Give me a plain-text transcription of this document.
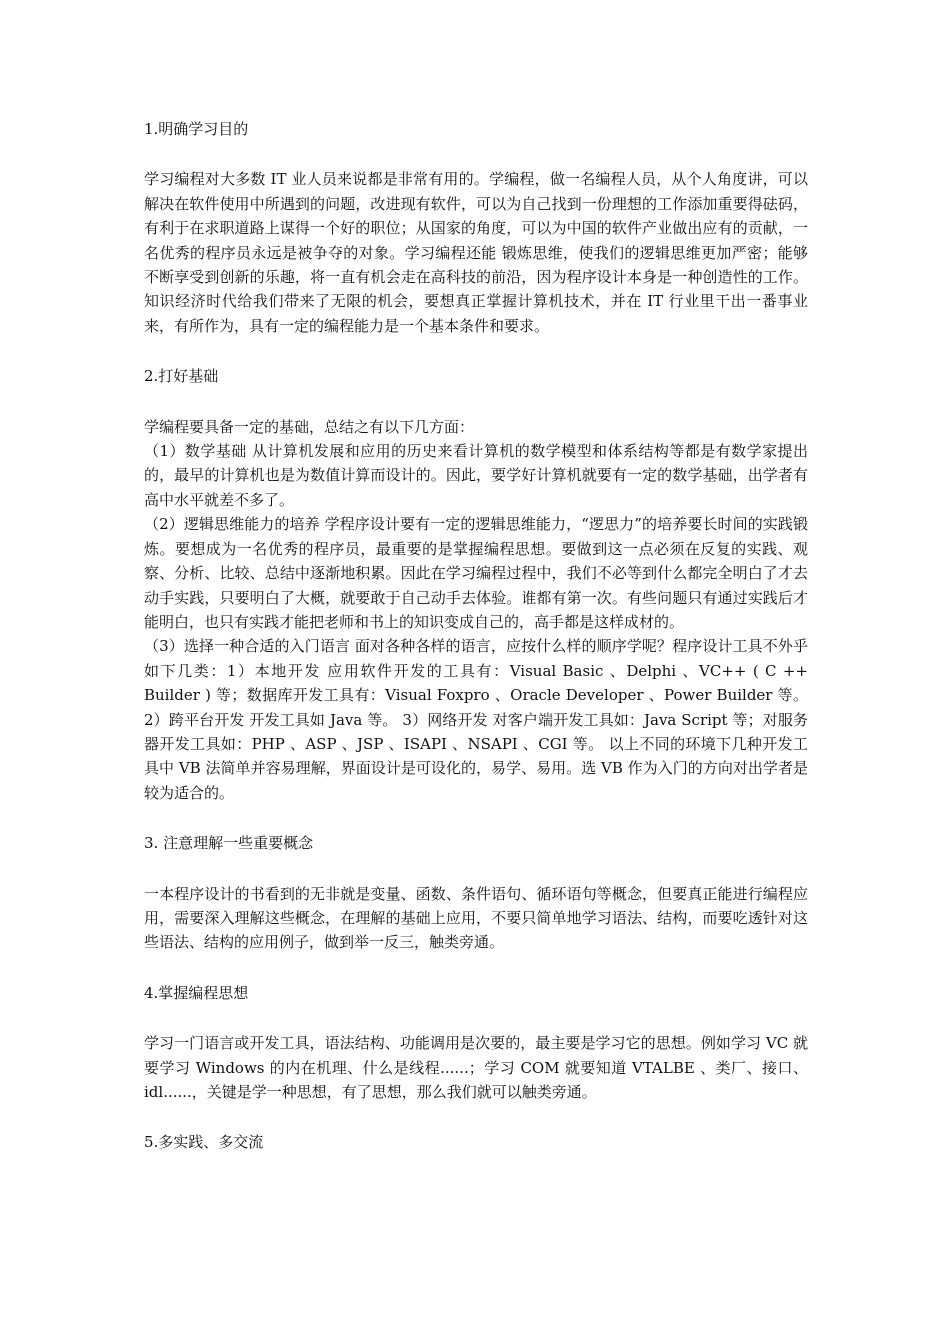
1.明确学习目的

学习编程对大多数 IT 业人员来说都是非常有用的。学编程，做一名编程人员，从个人角度讲，可以解决在软件使用中所遇到的问题，改进现有软件，可以为自己找到一份理想的工作添加重要得砝码，有利于在求职道路上谋得一个好的职位；从国家的角度，可以为中国的软件产业做出应有的贡献，一名优秀的程序员永远是被争夺的对象。学习编程还能 锻炼思维，使我们的逻辑思维更加严密；能够不断享受到创新的乐趣，将一直有机会走在高科技的前沿，因为程序设计本身是一种创造性的工作。知识经济时代给我们带来了无限的机会，要想真正掌握计算机技术，并在 IT 行业里干出一番事业来，有所作为，具有一定的编程能力是一个基本条件和要求。

2.打好基础

学编程要具备一定的基础，总结之有以下几方面：

（1）数学基础 从计算机发展和应用的历史来看计算机的数学模型和体系结构等都是有数学家提出的，最早的计算机也是为数值计算而设计的。因此，要学好计算机就要有一定的数学基础，出学者有高中水平就差不多了。

（2）逻辑思维能力的培养 学程序设计要有一定的逻辑思维能力，“逻思力”的培养要长时间的实践锻炼。要想成为一名优秀的程序员，最重要的是掌握编程思想。要做到这一点必须在反复的实践、观察、分析、比较、总结中逐渐地积累。因此在学习编程过程中，我们不必等到什么都完全明白了才去动手实践，只要明白了大概，就要敢于自己动手去体验。谁都有第一次。有些问题只有通过实践后才能明白，也只有实践才能把老师和书上的知识变成自己的，高手都是这样成材的。

（3）选择一种合适的入门语言 面对各种各样的语言，应按什么样的顺序学呢？程序设计工具不外乎如下几类：1）本地开发 应用软件开发的工具有：Visual Basic 、Delphi 、VC++ ( C ++ Builder ) 等；数据库开发工具有：Visual Foxpro 、Oracle Developer 、Power Builder 等。2）跨平台开发 开发工具如 Java 等。 3）网络开发 对客户端开发工具如：Java Script 等；对服务器开发工具如：PHP 、ASP 、JSP 、ISAPI 、NSAPI 、CGI 等。 以上不同的环境下几种开发工具中 VB 法简单并容易理解，界面设计是可设化的，易学、易用。选 VB 作为入门的方向对出学者是较为适合的。

3. 注意理解一些重要概念

一本程序设计的书看到的无非就是变量、函数、条件语句、循环语句等概念，但要真正能进行编程应用，需要深入理解这些概念，在理解的基础上应用，不要只简单地学习语法、结构，而要吃透针对这些语法、结构的应用例子，做到举一反三，触类旁通。

4.掌握编程思想

学习一门语言或开发工具，语法结构、功能调用是次要的，最主要是学习它的思想。例如学习 VC 就要学习 Windows 的内在机理、什么是线程......；学习 COM 就要知道 VTALBE 、类厂、接口、idl......，关键是学一种思想，有了思想，那么我们就可以触类旁通。

5.多实践、多交流
